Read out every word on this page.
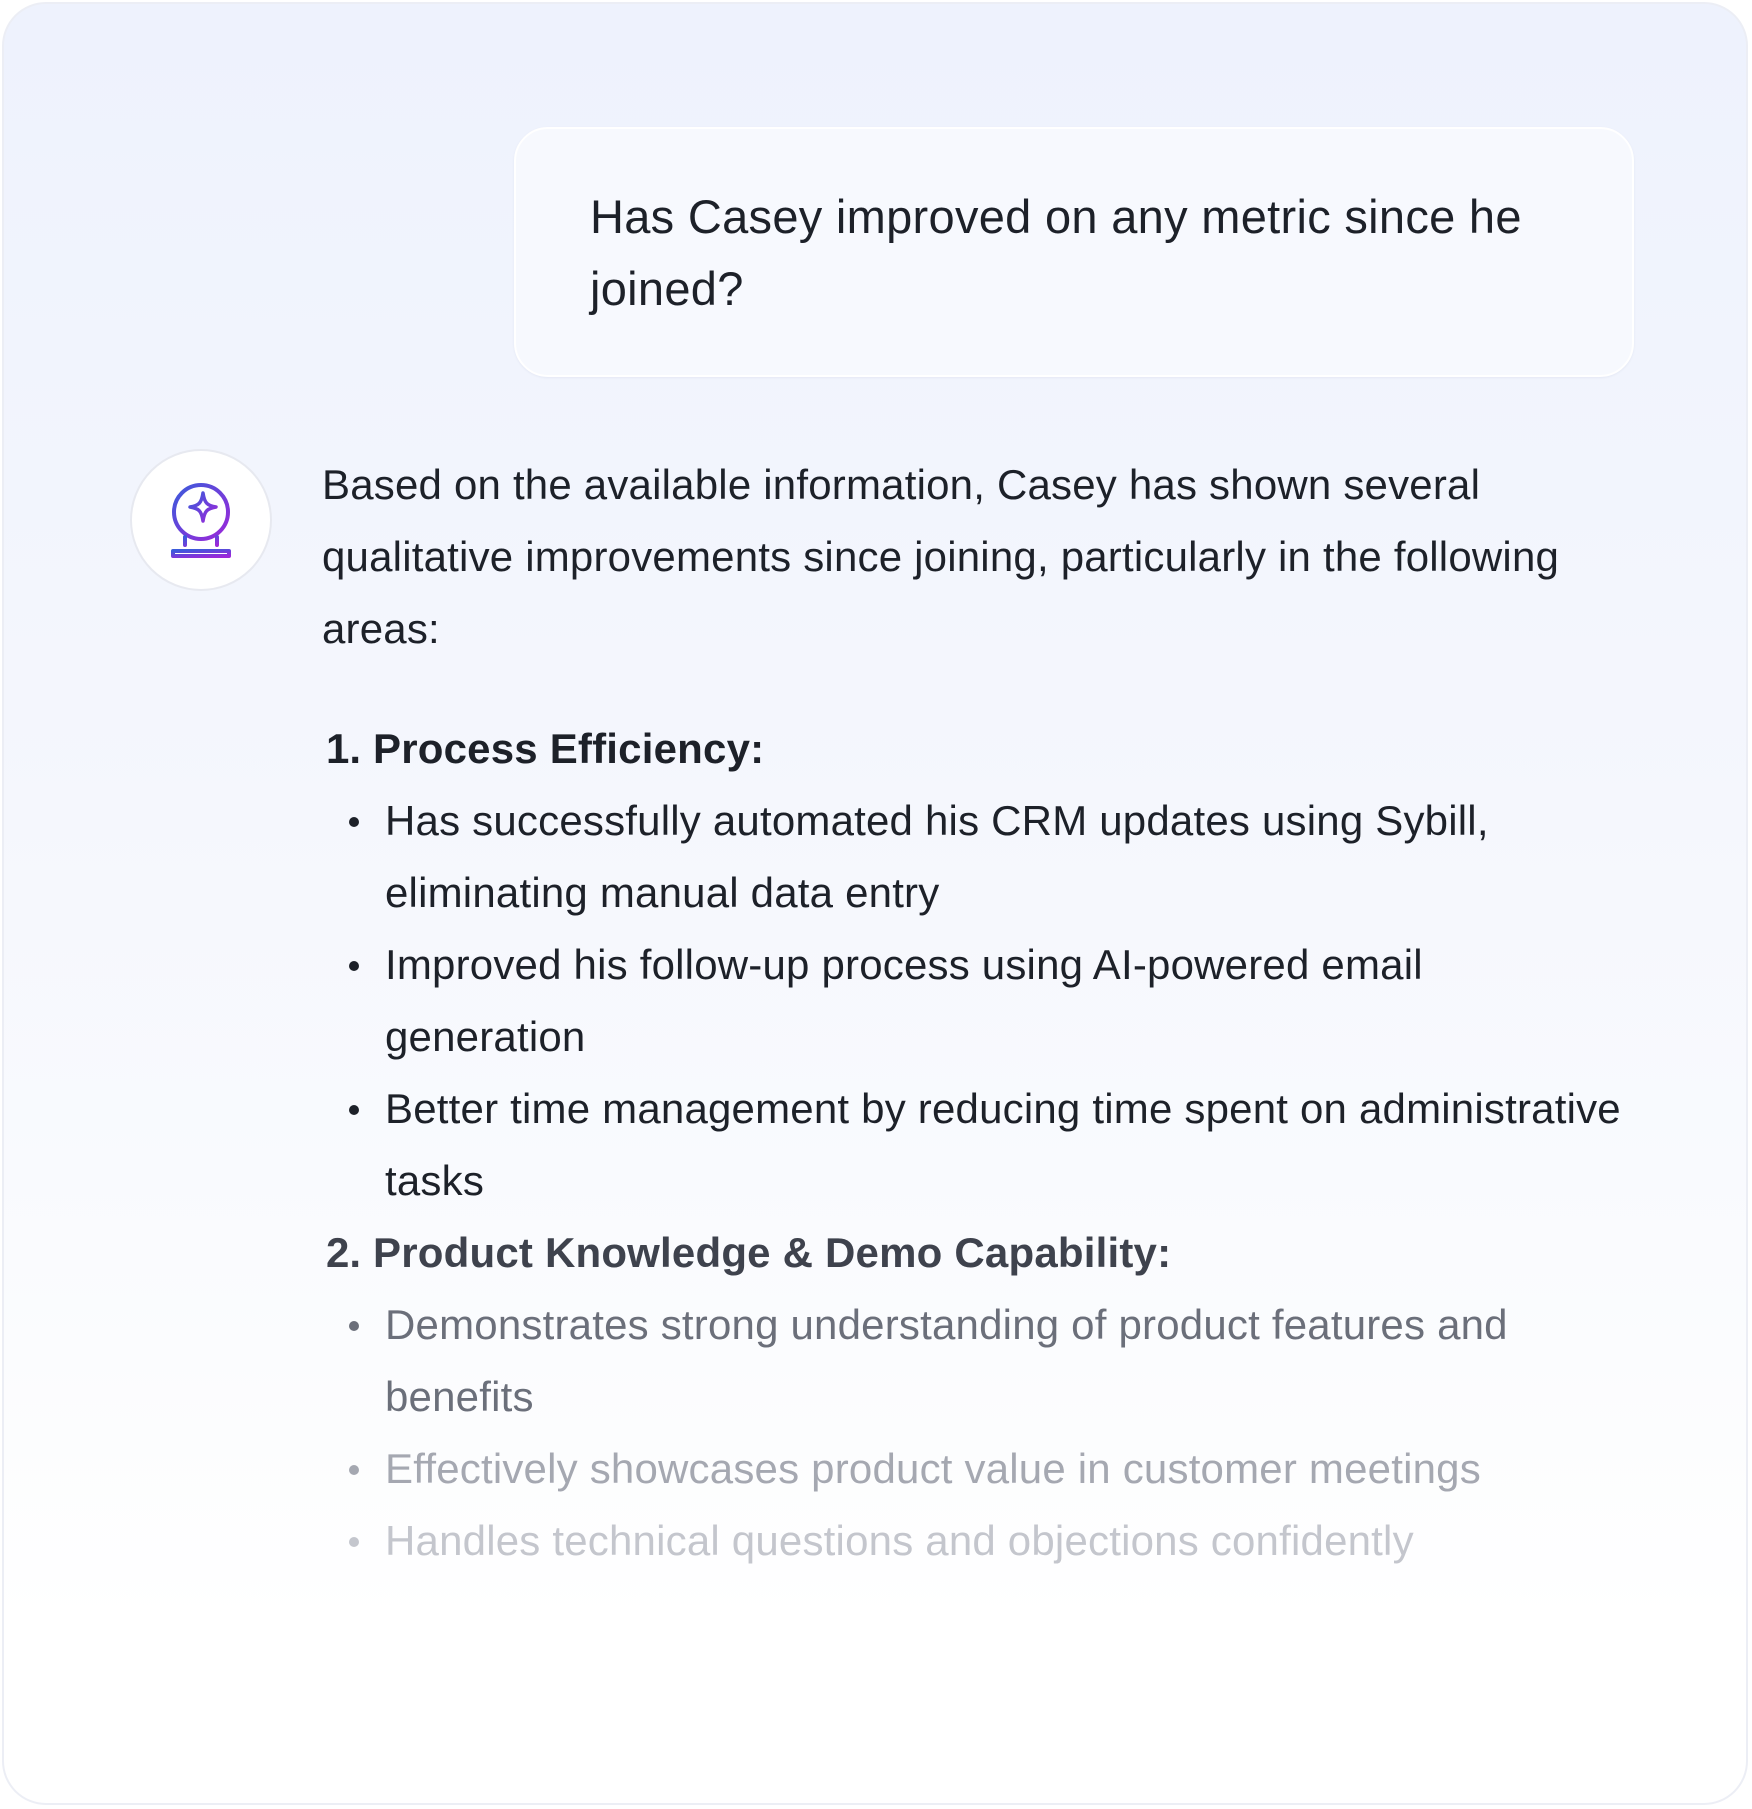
Has Casey improved on any metric since he joined?

Based on the available information, Casey has shown several qualitative improvements since joining, particularly in the following areas:

1. Process Efficiency:
Has successfully automated his CRM updates using Sybill, eliminating manual data entry
Improved his follow-up process using AI-powered email generation
Better time management by reducing time spent on administrative tasks
2. Product Knowledge & Demo Capability:
Demonstrates strong understanding of product features and benefits
Effectively showcases product value in customer meetings
Handles technical questions and objections confidently
